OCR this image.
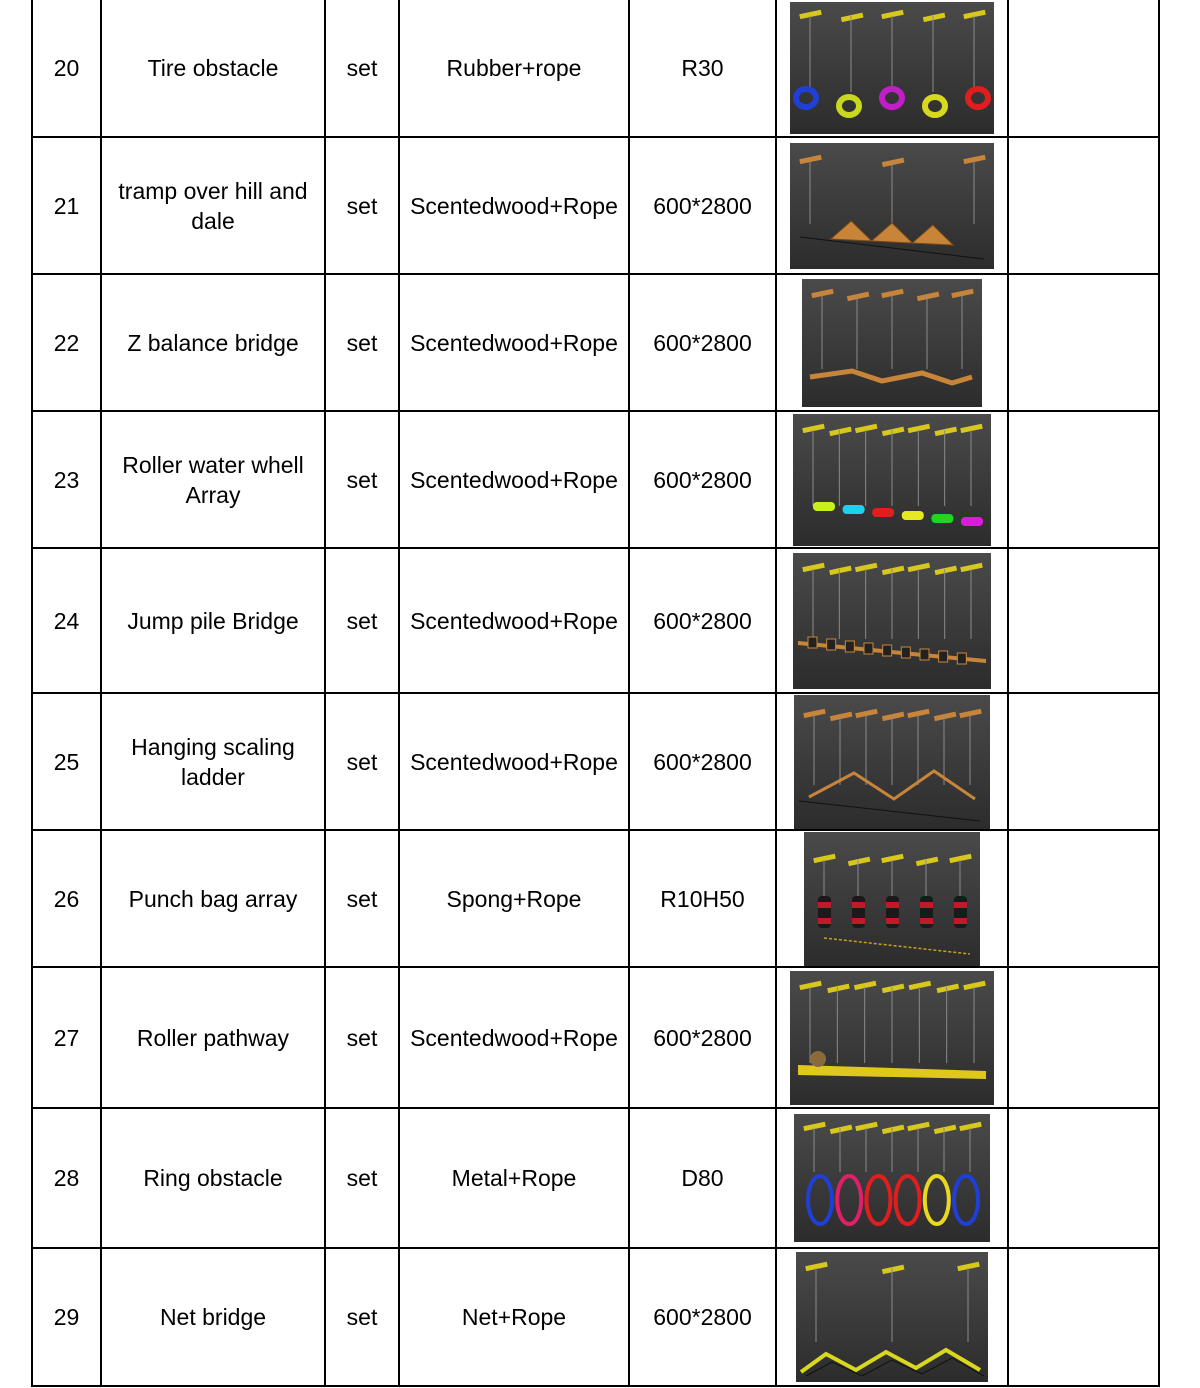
20	Tire obstacle	set	Rubber+rope	R30	

21	tramp over hill and dale	set	Scentedwood+Rope	600*2800	

22	Z balance bridge	set	Scentedwood+Rope	600*2800	

23	Roller water whell Array	set	Scentedwood+Rope	600*2800	

24	Jump pile Bridge	set	Scentedwood+Rope	600*2800	

25	Hanging scaling ladder	set	Scentedwood+Rope	600*2800	

26	Punch bag array	set	Spong+Rope	R10H50	

27	Roller pathway	set	Scentedwood+Rope	600*2800	

28	Ring obstacle	set	Metal+Rope	D80	

29	Net bridge	set	Net+Rope	600*2800	
